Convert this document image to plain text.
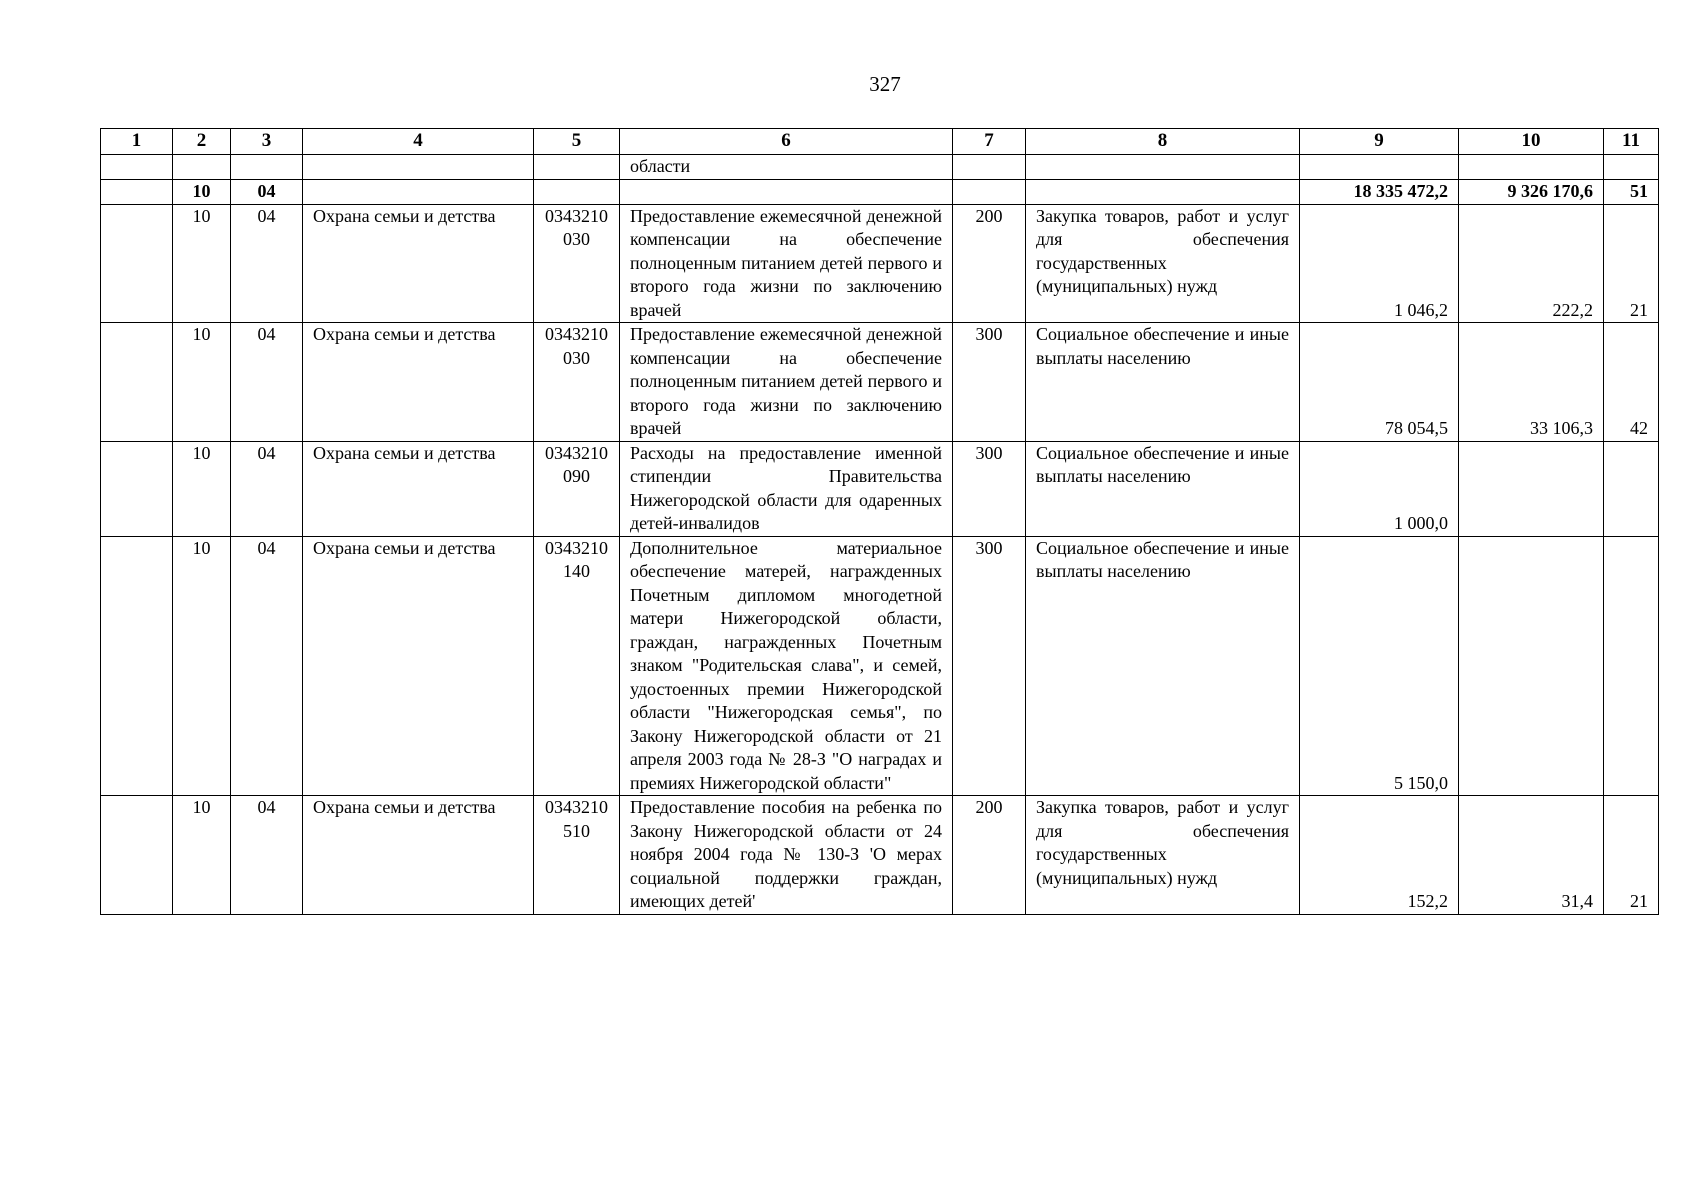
327
1	2	3	4	5	6	7	8	9	10	11
					области					
	10	04						18 335 472,2	9 326 170,6	51
	10	04	Охрана семьи и детства	0343210030	Предоставление ежемесячной денежной компенсации на обеспечение полноценным питанием детей первого и второго года жизни по заключению врачей	200	Закупка товаров, работ и услуг для обеспечения государственных (муниципальных) нужд	1 046,2	222,2	21
	10	04	Охрана семьи и детства	0343210030	Предоставление ежемесячной денежной компенсации на обеспечение полноценным питанием детей первого и второго года жизни по заключению врачей	300	Социальное обеспечение и иные выплаты населению	78 054,5	33 106,3	42
	10	04	Охрана семьи и детства	0343210090	Расходы на предоставление именной стипендии Правительства Нижегородской области для одаренных детей-инвалидов	300	Социальное обеспечение и иные выплаты населению	1 000,0		
	10	04	Охрана семьи и детства	0343210140	Дополнительное материальное обеспечение матерей, награжденных Почетным дипломом многодетной матери Нижегородской области, граждан, награжденных Почетным знаком "Родительская слава", и семей, удостоенных премии Нижегородской области "Нижегородская семья", по Закону Нижегородской области от 21 апреля 2003 года № 28-З "О наградах и премиях Нижегородской области"	300	Социальное обеспечение и иные выплаты населению	5 150,0		
	10	04	Охрана семьи и детства	0343210510	Предоставление пособия на ребенка по Закону Нижегородской области от 24 ноября 2004 года № 130-З 'О мерах социальной поддержки граждан, имеющих детей'	200	Закупка товаров, работ и услуг для обеспечения государственных (муниципальных) нужд	152,2	31,4	21
